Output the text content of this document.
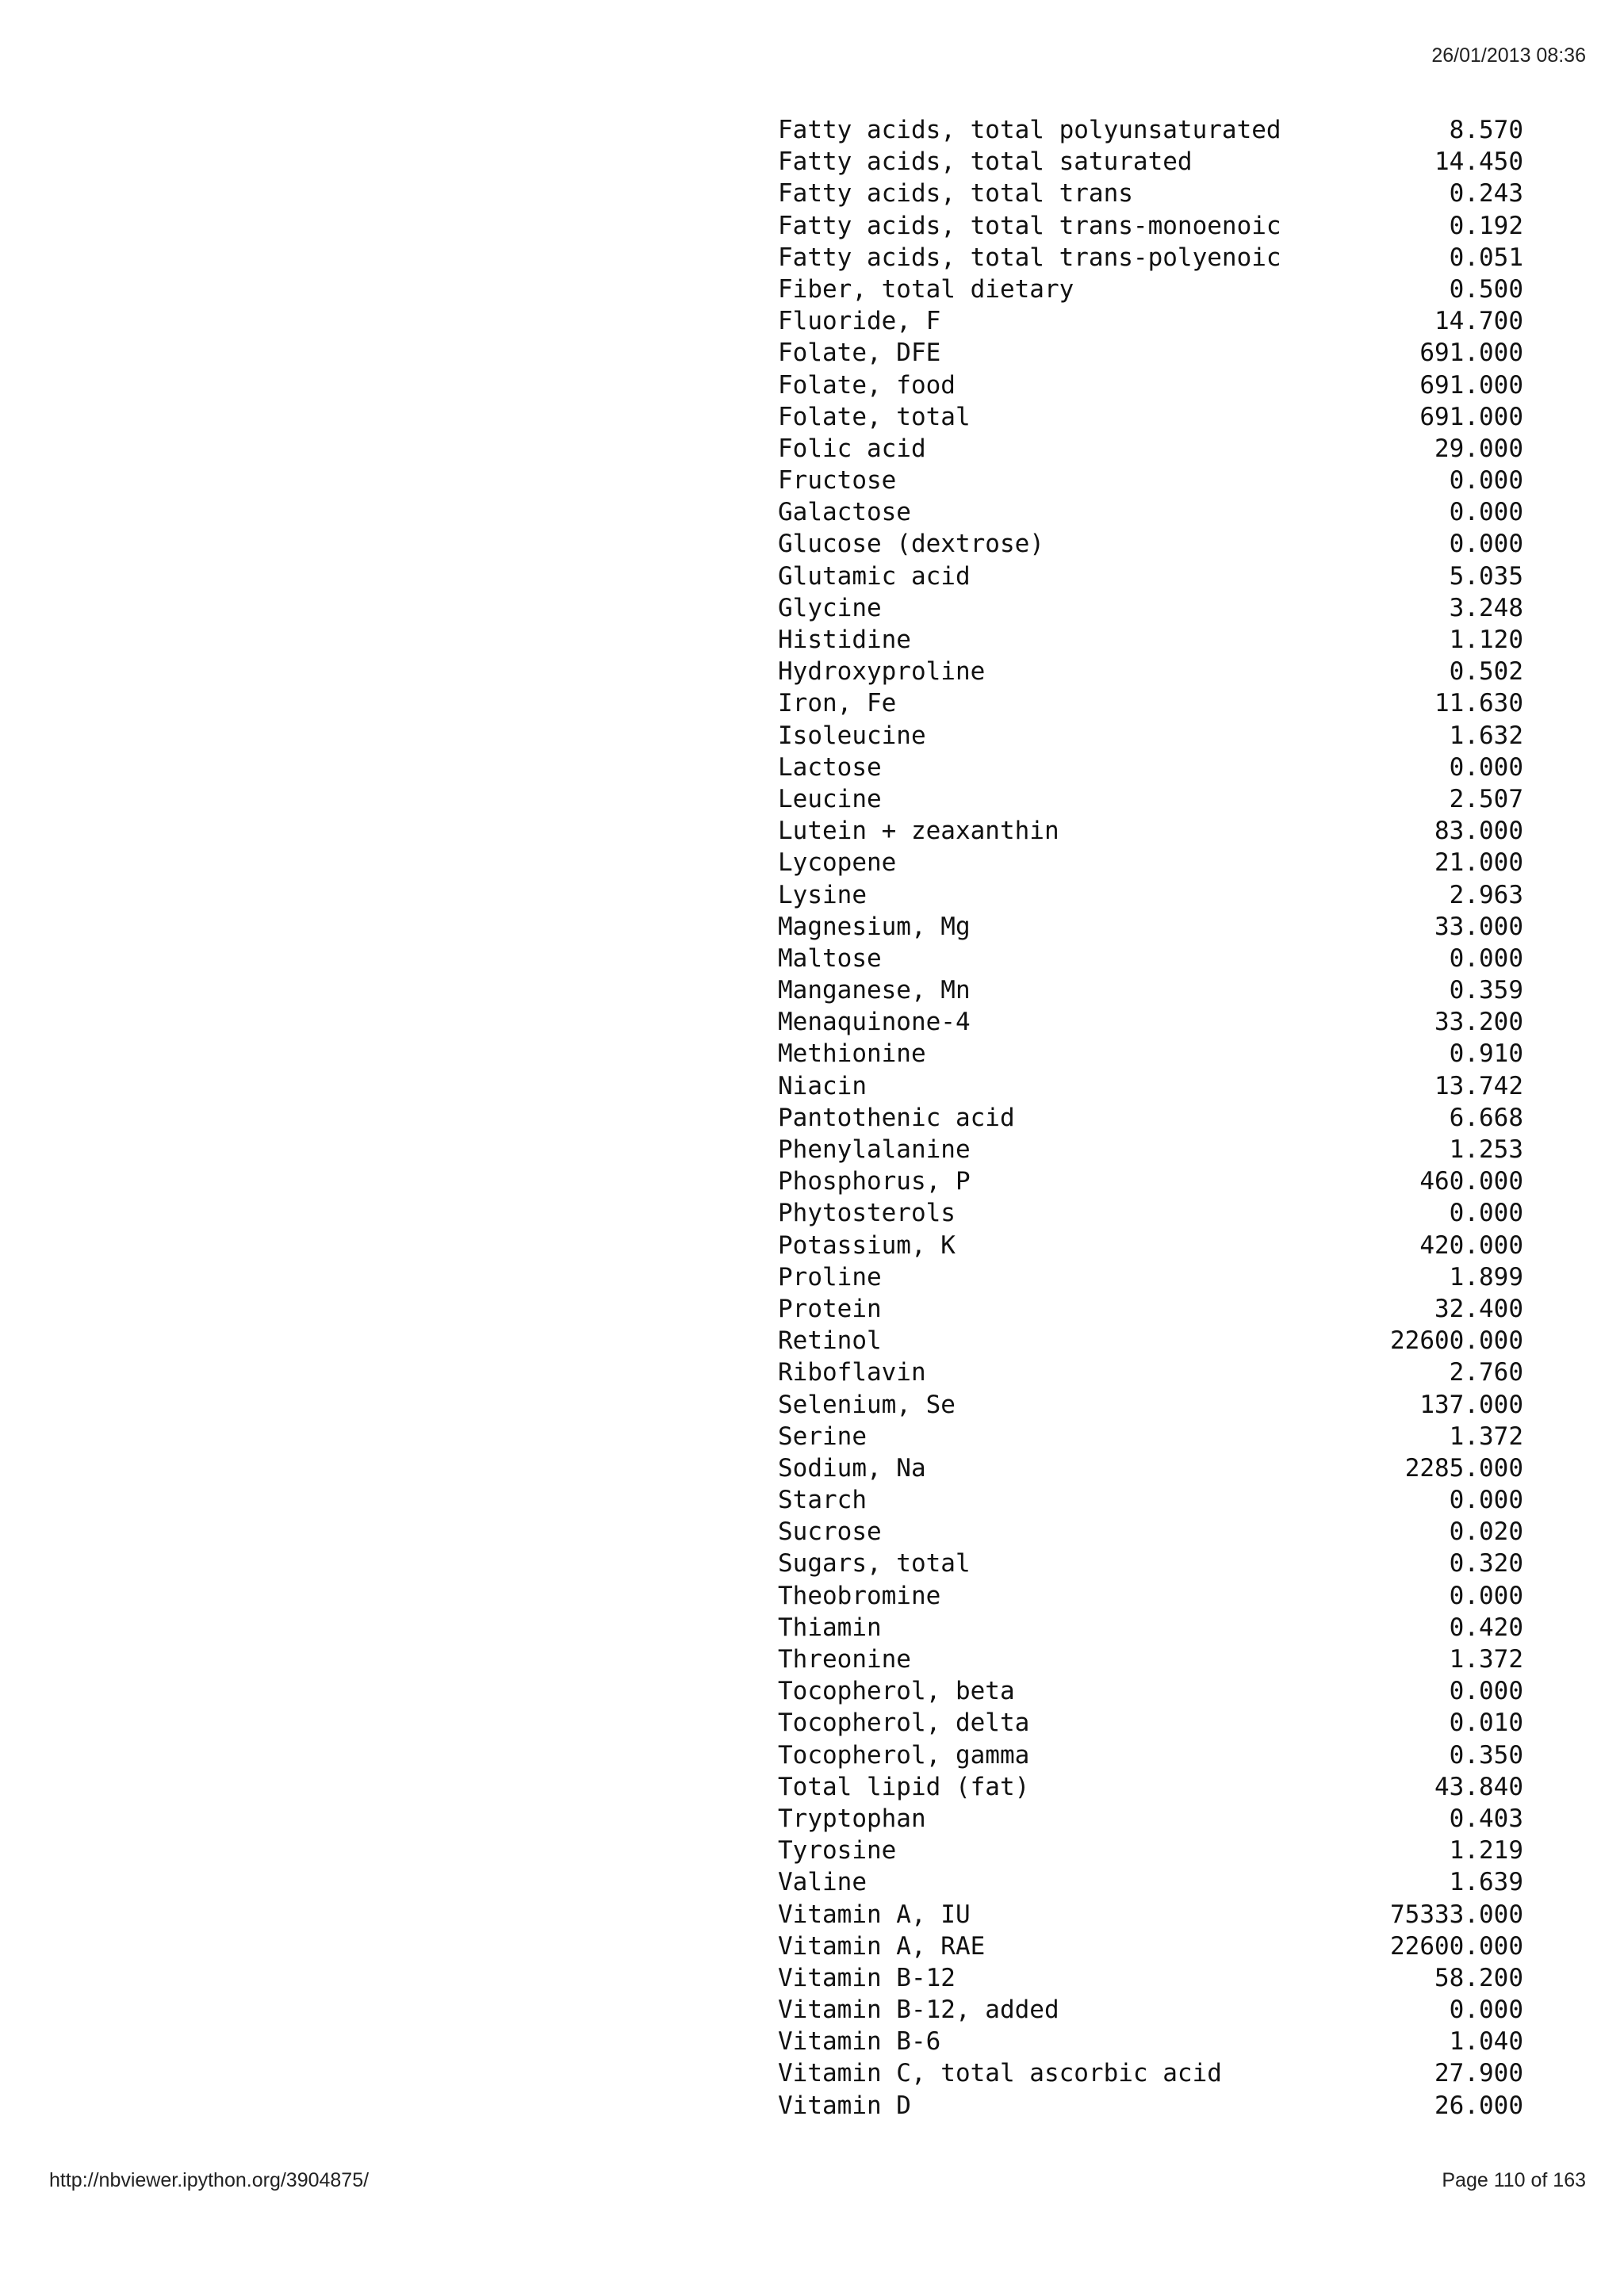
26/01/2013 08:36
Fatty acids, total polyunsaturated	8.570
Fatty acids, total saturated	14.450
Fatty acids, total trans	0.243
Fatty acids, total trans-monoenoic	0.192
Fatty acids, total trans-polyenoic	0.051
Fiber, total dietary	0.500
Fluoride, F	14.700
Folate, DFE	691.000
Folate, food	691.000
Folate, total	691.000
Folic acid	29.000
Fructose	0.000
Galactose	0.000
Glucose (dextrose)	0.000
Glutamic acid	5.035
Glycine	3.248
Histidine	1.120
Hydroxyproline	0.502
Iron, Fe	11.630
Isoleucine	1.632
Lactose	0.000
Leucine	2.507
Lutein + zeaxanthin	83.000
Lycopene	21.000
Lysine	2.963
Magnesium, Mg	33.000
Maltose	0.000
Manganese, Mn	0.359
Menaquinone-4	33.200
Methionine	0.910
Niacin	13.742
Pantothenic acid	6.668
Phenylalanine	1.253
Phosphorus, P	460.000
Phytosterols	0.000
Potassium, K	420.000
Proline	1.899
Protein	32.400
Retinol	22600.000
Riboflavin	2.760
Selenium, Se	137.000
Serine	1.372
Sodium, Na	2285.000
Starch	0.000
Sucrose	0.020
Sugars, total	0.320
Theobromine	0.000
Thiamin	0.420
Threonine	1.372
Tocopherol, beta	0.000
Tocopherol, delta	0.010
Tocopherol, gamma	0.350
Total lipid (fat)	43.840
Tryptophan	0.403
Tyrosine	1.219
Valine	1.639
Vitamin A, IU	75333.000
Vitamin A, RAE	22600.000
Vitamin B-12	58.200
Vitamin B-12, added	0.000
Vitamin B-6	1.040
Vitamin C, total ascorbic acid	27.900
Vitamin D	26.000
http://nbviewer.ipython.org/3904875/	Page 110 of 163
